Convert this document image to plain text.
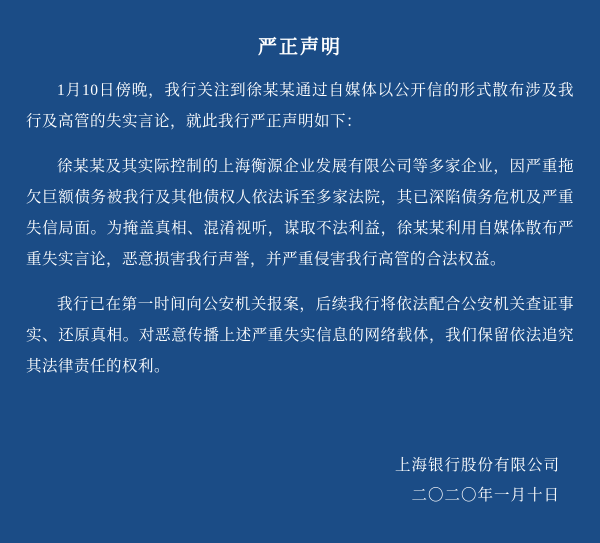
严正声明

1月10日傍晚，我行关注到徐某某通过自媒体以公开信的形式散布涉及我行及高管的失实言论，就此我行严正声明如下：

徐某某及其实际控制的上海衡源企业发展有限公司等多家企业，因严重拖欠巨额债务被我行及其他债权人依法诉至多家法院，其已深陷债务危机及严重失信局面。为掩盖真相、混淆视听，谋取不法利益，徐某某利用自媒体散布严重失实言论，恶意损害我行声誉，并严重侵害我行高管的合法权益。

我行已在第一时间向公安机关报案，后续我行将依法配合公安机关查证事实、还原真相。对恶意传播上述严重失实信息的网络载体，我们保留依法追究其法律责任的权利。

上海银行股份有限公司
二〇二〇年一月十日
